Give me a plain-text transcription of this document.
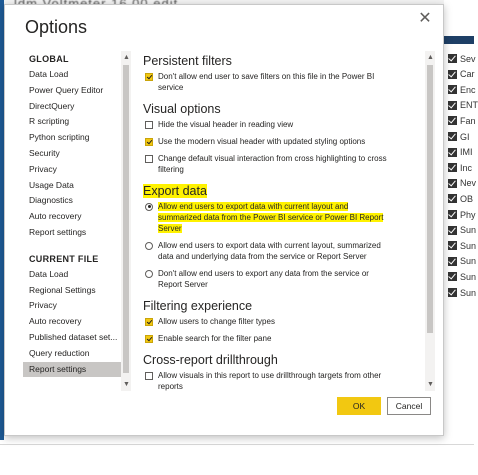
Sev
Car
Enc
ENT
Fan
GI
IMI
Inc
Nev
OB
Phy
Sun
Sun
Sun
Sun
Sun
Options	✕
GLOBAL
Data Load
Power Query Editor
DirectQuery
R scripting
Python scripting
Security
Privacy
Usage Data
Diagnostics
Auto recovery
Report settings
CURRENT FILE
Data Load
Regional Settings
Privacy
Auto recovery
Published dataset set...
Query reduction
Report settings
▲
▼
Persistent filters
Don't allow end user to save filters on this file in the Power BI service
Visual options
Hide the visual header in reading view
Use the modern visual header with updated styling options
Change default visual interaction from cross highlighting to cross filtering
Export data
Allow end users to export data with current layout and summarized data from the Power BI service or Power BI Report Server
Allow end users to export data with current layout, summarized data and underlying data from the service or Report Server
Don't allow end users to export any data from the service or Report Server
Filtering experience
Allow users to change filter types
Enable search for the filter pane
Cross-report drillthrough
Allow visuals in this report to use drillthrough targets from other reports
▲
▼
OK	Cancel
